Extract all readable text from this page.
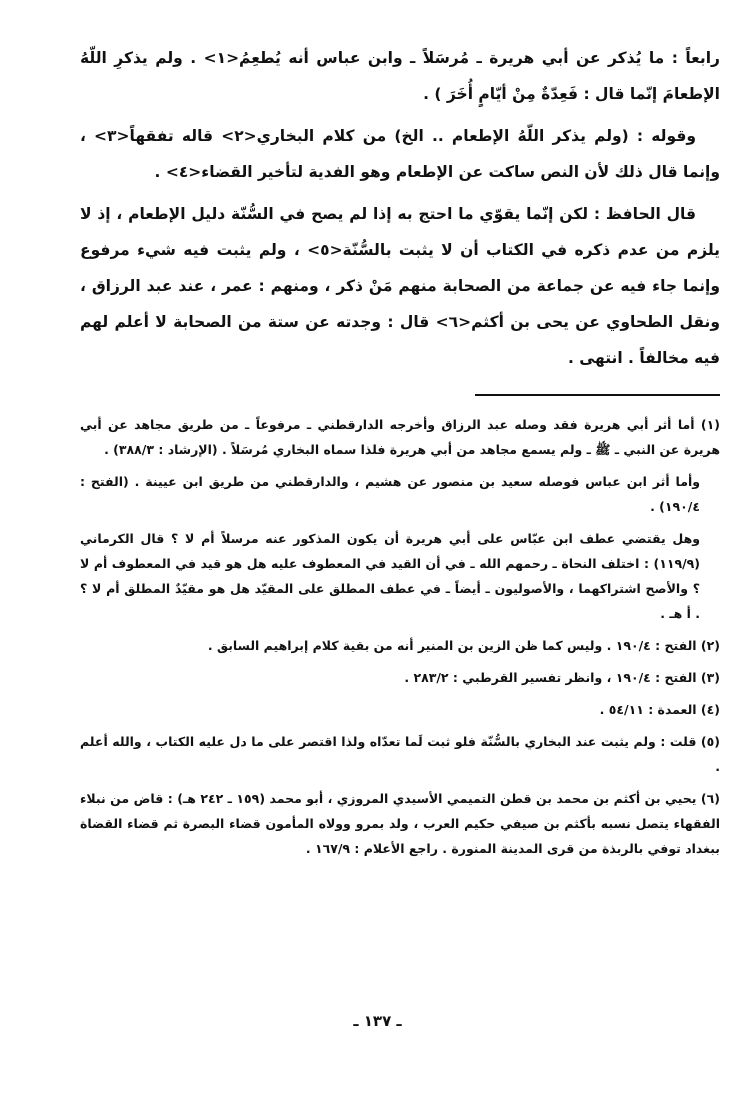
رابعاً : ما يُذكر عن أبي هريرة ـ مُرسَلاً ـ وابن عباس أنه يُطعِمُ<١> . ولم يذكرِ اللّهُ الإطعامَ إنّما قال : فَعِدّةٌ مِنْ أيّامٍ أُخَرَ ) .

وقوله : (ولم يذكر اللّهُ الإطعام .. الخ) من كلام البخاري<٢> قاله تفقهاً<٣> ، وإنما قال ذلك لأن النص ساكت عن الإطعام وهو الفدية لتأخير القضاء<٤> .

قال الحافظ : لكن إنّما يقوّي ما احتج به إذا لم يصح في السُّنّة دليل الإطعام ، إذ لا يلزم من عدم ذكره في الكتاب أن لا يثبت بالسُّنّة<٥> ، ولم يثبت فيه شيء مرفوع وإنما جاء فيه عن جماعة من الصحابة منهم مَنْ ذكر ، ومنهم : عمر ، عند عبد الرزاق ، ونقل الطحاوي عن يحى بن أكثم<٦> قال : وجدته عن ستة من الصحابة لا أعلم لهم فيه مخالفاً . انتهى .

(١) أما أثر أبي هريرة فقد وصله عبد الرزاق وأخرجه الدارقطني ـ مرفوعاً ـ من طريق مجاهد عن أبي هريرة عن النبي ـ ﷺ ـ ولم يسمع مجاهد من أبي هريرة فلذا سماه البخاري مُرسَلاً . (الإرشاد : ٣٨٨/٣) .

وأما أثر ابن عباس فوصله سعيد بن منصور عن هشيم ، والدارقطني من طريق ابن عيينة . (الفتح : ١٩٠/٤) .

وهل يقتضي عطف ابن عبّاس على أبي هريرة أن يكون المذكور عنه مرسلاً أم لا ؟ قال الكرماني (١١٩/٩) : اختلف النحاة ـ رحمهم الله ـ في أن القيد في المعطوف عليه هل هو قيد في المعطوف أم لا ؟ والأصح اشتراكهما ، والأصوليون ـ أيضاً ـ في عطف المطلق على المقيّد هل هو مقيّدٌ المطلق أم لا ؟ . أ هـ .

(٢) الفتح : ١٩٠/٤ . وليس كما ظن الزين بن المنير أنه من بقية كلام إبراهيم السابق .

(٣) الفتح : ١٩٠/٤ ، وانظر تفسير القرطبي : ٢٨٣/٢ .

(٤) العمدة : ٥٤/١١ .

(٥) قلت : ولم يثبت عند البخاري بالسُّنّة فلو ثبت لَما تعدّاه ولذا اقتصر على ما دل عليه الكتاب ، والله أعلم .

(٦) يحيي بن أكثم بن محمد بن قطن التميمي الأسيدي المروزي ، أبو محمد (١٥٩ ـ ٢٤٢ هـ) : قاض من نبلاء الفقهاء يتصل نسبه بأكثم بن صيفي حكيم العرب ، ولد بمرو وولاه المأمون قضاء البصرة ثم قضاء القضاة ببغداد توفي بالربذة من قرى المدينة المنورة . راجع الأعلام : ١٦٧/٩ .

ـ ١٣٧ ـ
